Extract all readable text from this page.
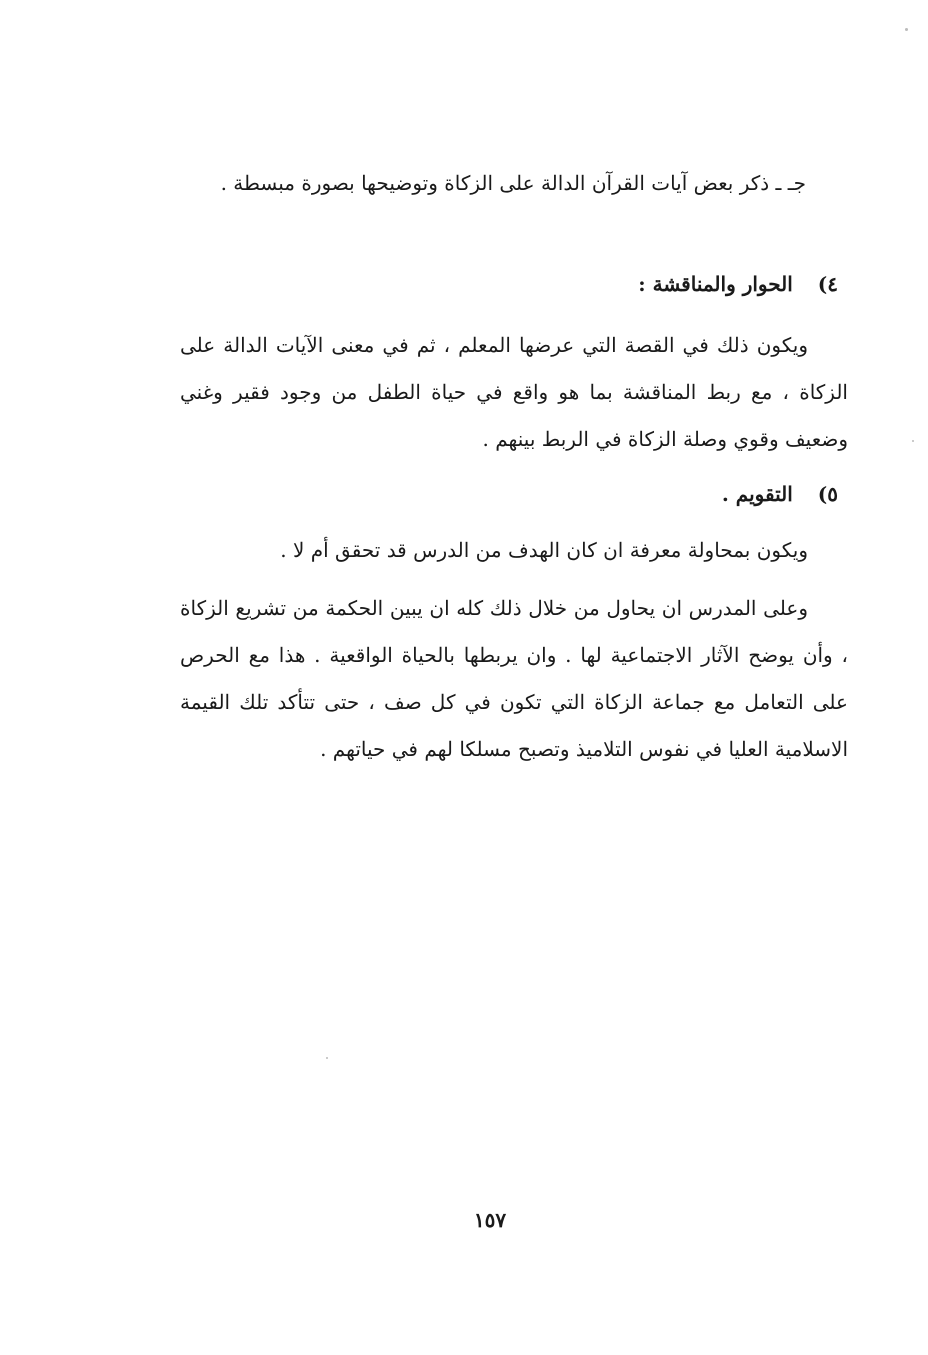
جـ ـ ذكر بعض آيات القرآن الدالة على الزكاة وتوضيحها بصورة مبسطة .

٤) الحوار والمناقشة :

ويكون ذلك في القصة التي عرضها المعلم ، ثم في معنى الآيات الدالة على الزكاة ، مع ربط المناقشة بما هو واقع في حياة الطفل من وجود فقير وغني وضعيف وقوي وصلة الزكاة في الربط بينهم .

٥) التقويم .

ويكون بمحاولة معرفة ان كان الهدف من الدرس قد تحقق أم لا .

وعلى المدرس ان يحاول من خلال ذلك كله ان يبين الحكمة من تشريع الزكاة ، وأن يوضح الآثار الاجتماعية لها . وان يربطها بالحياة الواقعية . هذا مع الحرص على التعامل مع جماعة الزكاة التي تكون في كل صف ، حتى تتأكد تلك القيمة الاسلامية العليا في نفوس التلاميذ وتصبح مسلكا لهم في حياتهم .

١٥٧
